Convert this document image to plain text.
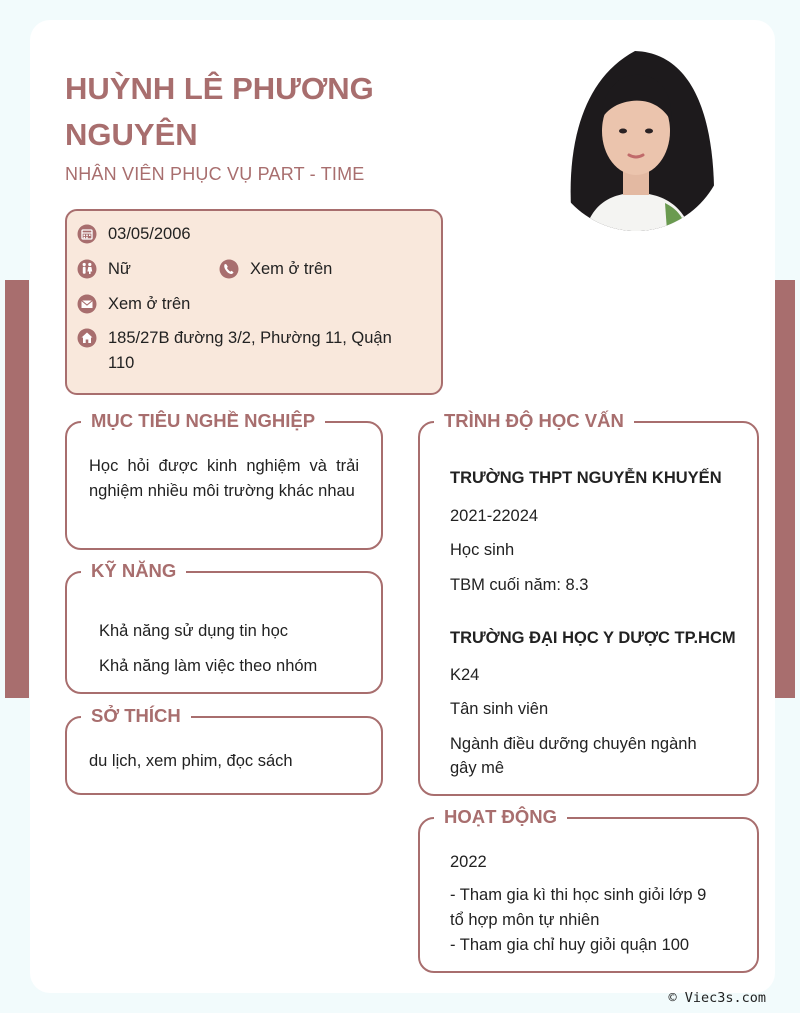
HUỲNH LÊ PHƯƠNG
NGUYÊN

NHÂN VIÊN PHỤC VỤ PART - TIME

03/05/2006
Nữ	Xem ở trên
Xem ở trên
185/27B đường 3/2, Phường 11, Quận 110
MỤC TIÊU NGHỀ NGHIỆP
Học hỏi được kinh nghiệm và trải nghiệm nhiều môi trường khác nhau
KỸ NĂNG
Khả năng sử dụng tin học
Khả năng làm việc theo nhóm
SỞ THÍCH
du lịch, xem phim, đọc sách
TRÌNH ĐỘ HỌC VẤN
TRƯỜNG THPT NGUYỄN KHUYẾN
2021-22024
Học sinh
TBM cuối năm: 8.3
TRƯỜNG ĐẠI HỌC Y DƯỢC TP.HCM
K24
Tân sinh viên
Ngành điều dưỡng chuyên ngành
gây mê
HOẠT ĐỘNG
2022
- Tham gia kì thi học sinh giỏi lớp 9
tổ hợp môn tự nhiên
- Tham gia chỉ huy giỏi quận 100
© Viec3s.com
